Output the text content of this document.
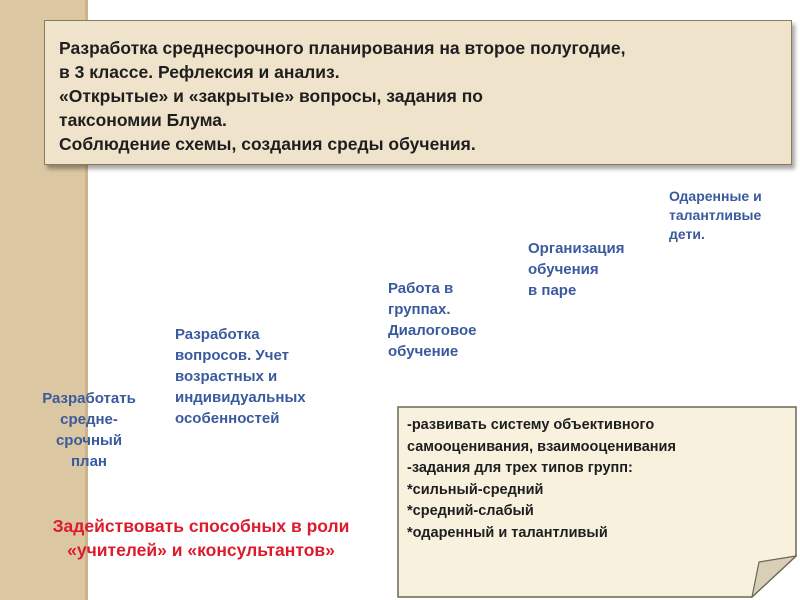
Разработка среднесрочного планирования на второе полугодие,
в 3 классе. Рефлексия и анализ.
«Открытые» и «закрытые» вопросы, задания по
таксономии Блума.
Соблюдение схемы, создания среды обучения.
Разработать
средне-
срочный
план
Разработка
вопросов. Учет
возрастных и
индивидуальных
особенностей
Работа в
группах.
Диалоговое
обучение
Организация
обучения
в паре
Одаренные и
талантливые
дети.
Задействовать способных в роли
«учителей» и «консультантов»
-развивать систему объективного
самооценивания, взаимооценивания
-задания для трех типов групп:
*сильный-средний
*средний-слабый
*одаренный и талантливый
